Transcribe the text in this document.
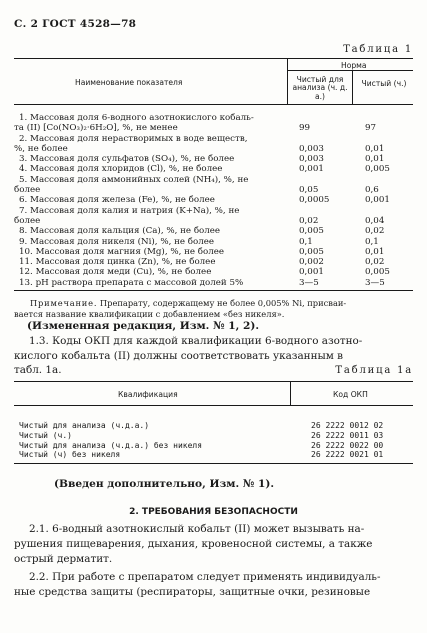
С. 2 ГОСТ 4528—78
Таблица 1
Наименование показателя
Норма
Чистый для анализа (ч. д. а.)
Чистый (ч.)
1. Массовая доля 6-водного азотнокислого кобаль-
та (II) [Co(NO₃)₂·6H₂O], %, не менее	99	97
2. Массовая доля нерастворимых в воде веществ,
%, не более	0,003	0,01
3. Массовая доля сульфатов (SO₄), %, не более	0,003	0,01
4. Массовая доля хлоридов (Cl), %, не более	0,001	0,005
5. Массовая доля аммонийных солей (NH₄), %, не
более	0,05	0,6
6. Массовая доля железа (Fe), %, не более	0,0005	0,001
7. Массовая доля калия и натрия (K+Na), %, не
более	0,02	0,04
8. Массовая доля кальция (Ca), %, не более	0,005	0,02
9. Массовая доля никеля (Ni), %, не более	0,1	0,1
10. Массовая доля магния (Mg), %, не более	0,005	0,01
11. Массовая доля цинка (Zn), %, не более	0,002	0,02
12. Массовая доля меди (Cu), %, не более	0,001	0,005
13. pH раствора препарата с массовой долей 5%	3—5	3—5
Примечание. Препарату, содержащему не более 0,005% Ni, присваи-
вается название квалификации с добавлением «без никеля».
(Измененная редакция, Изм. № 1, 2).
1.3. Коды ОКП для каждой квалификации 6-водного азотно-
кислого кобальта (II) должны соответствовать указанным в
табл. 1а.	Таблица 1а
Квалификация	Код ОКП
Чистый для анализа (ч.д.а.)	26 2222 0012 02
Чистый (ч.)	26 2222 0011 03
Чистый для анализа (ч.д.а.) без никеля	26 2222 0022 00
Чистый (ч) без никеля	26 2222 0021 01
(Введен дополнительно, Изм. № 1).
2. ТРЕБОВАНИЯ БЕЗОПАСНОСТИ
2.1. 6-водный азотнокислый кобальт (II) может вызывать на-
рушения пищеварения, дыхания, кровеносной системы, а также
острый дерматит.
2.2. При работе с препаратом следует применять индивидуаль-
ные средства защиты (респираторы, защитные очки, резиновые
